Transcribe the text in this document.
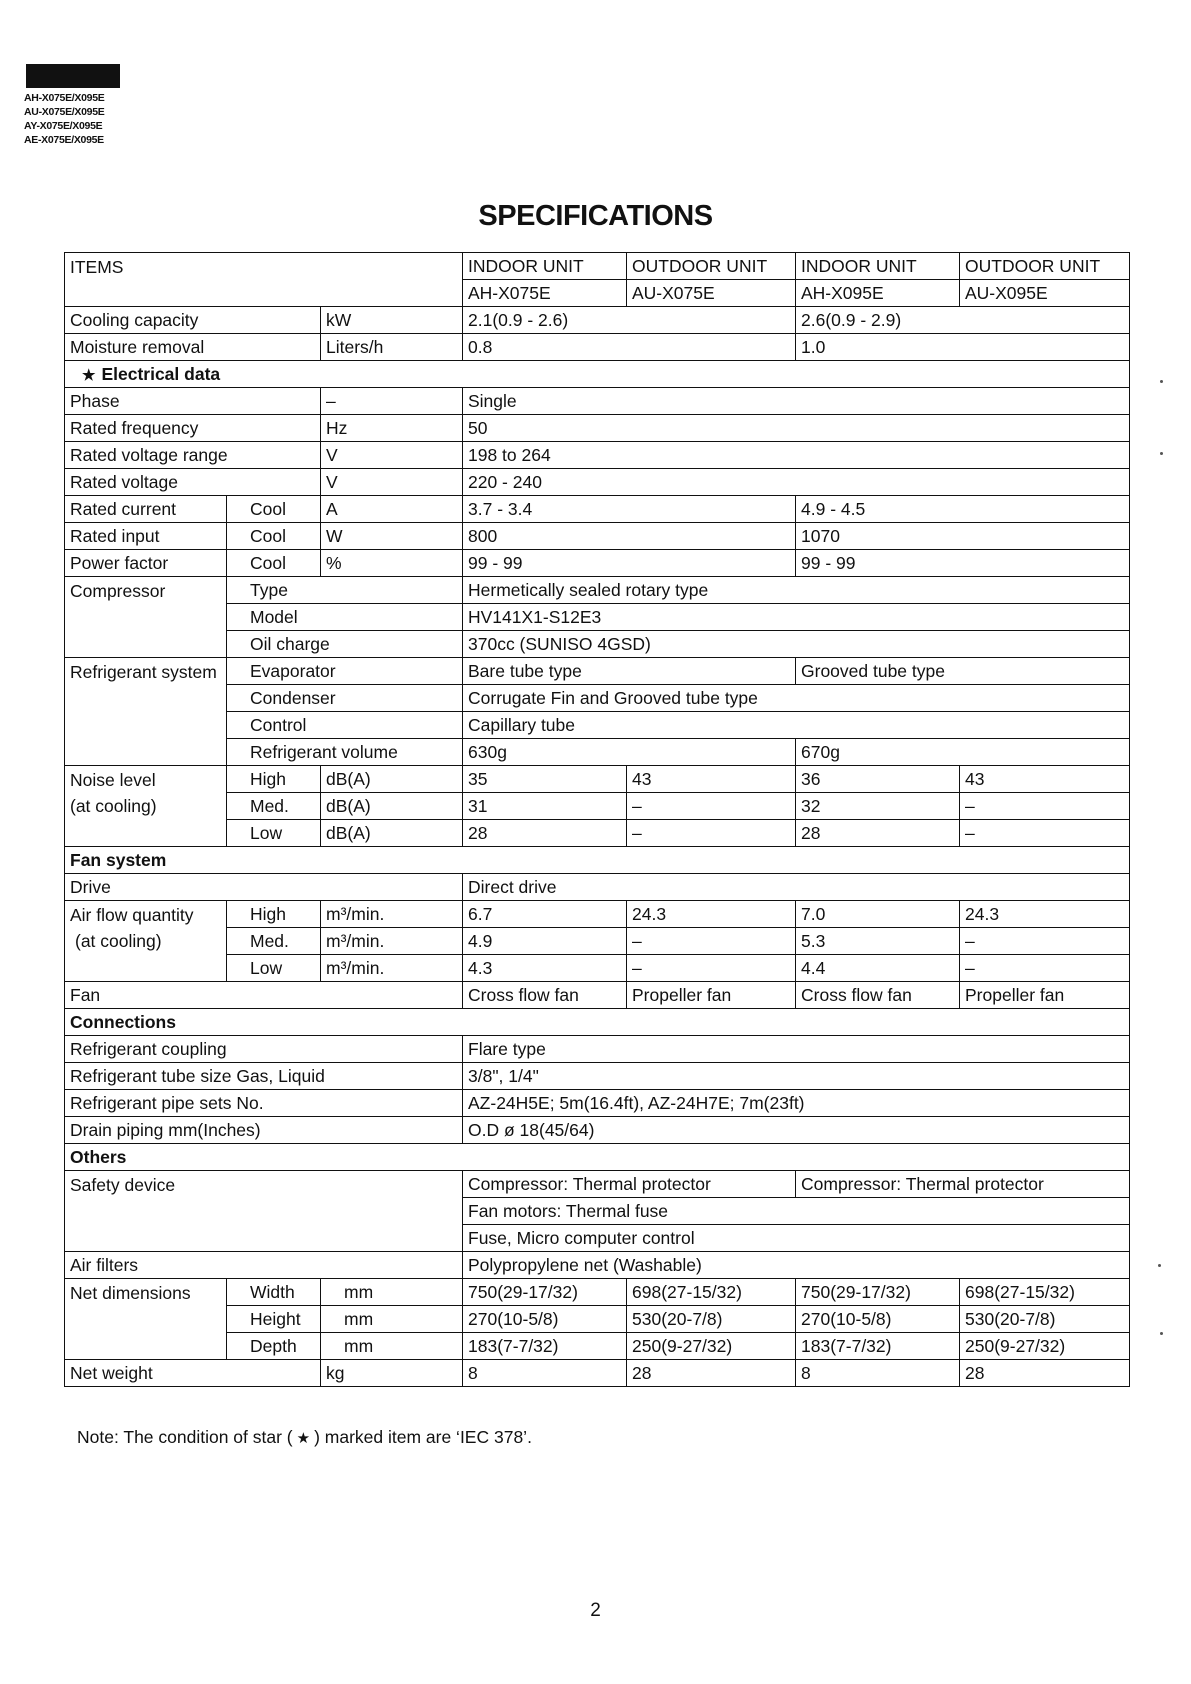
AH-X075E/X095E
AU-X075E/X095E
AY-X075E/X095E
AE-X075E/X095E
SPECIFICATIONS
ITEMS			INDOOR UNIT	OUTDOOR UNIT	INDOOR UNIT	OUTDOOR UNIT
			AH-X075E	AU-X075E	AH-X095E	AU-X095E
Cooling capacity		kW	2.1(0.9 - 2.6)		2.6(0.9 - 2.9)	
Moisture removal		Liters/h	0.8		1.0	
★ Electrical data						
Phase		–	Single			
Rated frequency		Hz	50			
Rated voltage range		V	198 to 264			
Rated voltage		V	220 - 240			
Rated current	Cool	A	3.7 - 3.4		4.9 - 4.5	
Rated input	Cool	W	800		1070	
Power factor	Cool	%	99 - 99		99 - 99	
Compressor	Type		Hermetically sealed rotary type			
	Model		HV141X1-S12E3			
	Oil charge		370cc (SUNISO 4GSD)			
Refrigerant system	Evaporator		Bare tube type		Grooved tube type	
	Condenser		Corrugate Fin and Grooved tube type			
	Control		Capillary tube			
	Refrigerant volume		630g		670g	

Noise level
(at cooling)	High	dB(A)	35	43	36	43
	Med.	dB(A)	31	–	32	–
	Low	dB(A)	28	–	28	–
Fan system						
Drive			Direct drive			

Air flow quantity
(at cooling)	High	m³/min.	6.7	24.3	7.0	24.3
	Med.	m³/min.	4.9	–	5.3	–
	Low	m³/min.	4.3	–	4.4	–
Fan			Cross flow fan	Propeller fan	Cross flow fan	Propeller fan
Connections						
Refrigerant coupling			Flare type			
Refrigerant tube size Gas, Liquid			3/8", 1/4"			
Refrigerant pipe sets No.			AZ-24H5E; 5m(16.4ft), AZ-24H7E; 7m(23ft)			
Drain piping mm(Inches)			O.D ø 18(45/64)			
Others						
Safety device			Compressor: Thermal protector		Compressor: Thermal protector	
			Fan motors: Thermal fuse			
			Fuse, Micro computer control			
Air filters			Polypropylene net (Washable)			
Net dimensions	Width	mm	750(29-17/32)	698(27-15/32)	750(29-17/32)	698(27-15/32)
	Height	mm	270(10-5/8)	530(20-7/8)	270(10-5/8)	530(20-7/8)
	Depth	mm	183(7-7/32)	250(9-27/32)	183(7-7/32)	250(9-27/32)
Net weight		kg	8	28	8	28
Note: The condition of star ( ★ ) marked item are ‘IEC 378’.
2
